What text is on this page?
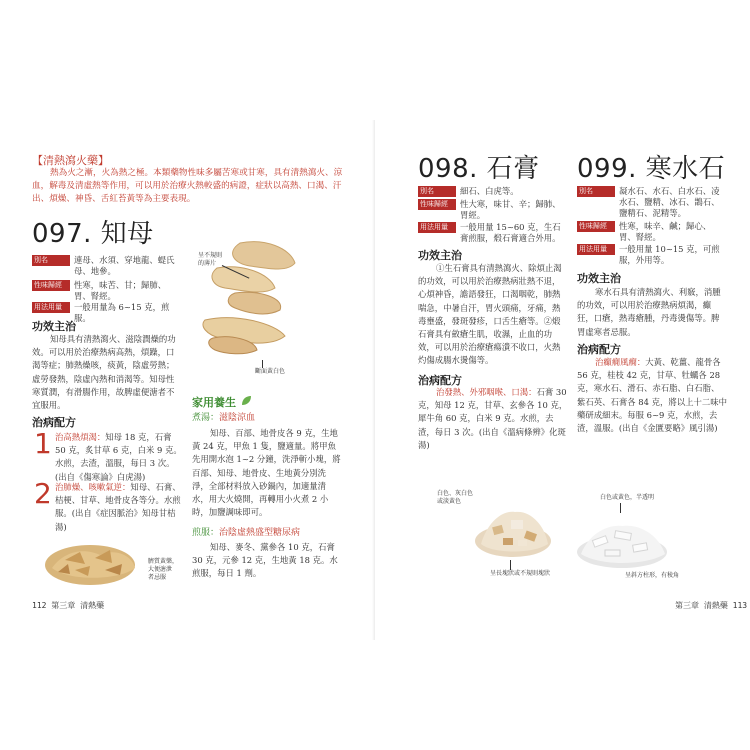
【清熱瀉火藥】
熱為火之漸，火為熱之極。本類藥物性味多屬苦寒或甘寒，具有清熱瀉火、涼血，解毒及清虛熱等作用，可以用於治療火熱較盛的病證，症狀以高熱、口渴、汗出、煩燥、神昏、舌紅苔黃等為主要表現。
097. 知母
別名	連母、水須、穿地龍、蝭氏母、地參。
性味歸經	性寒，味苦、甘；歸肺、胃、腎經。
用法用量	一般用量為 6~15 克，煎服。
功效主治
知母具有清熱瀉火、滋陰潤燥的功效。可以用於治療熱病高熱，煩躁，口渴等症；肺熱燥咳，痰黃，陰虛勞熱；虛勞發熱，陰虛內熱和消渴等。知母性寒質潤，有滑腸作用，故脾虛便溏者不宜服用。
治病配方
1 治高熱煩渴：知母 18 克，石膏 50 克，炙甘草 6 克，白米 9 克。水煎，去渣，溫服，每日 3 次。(出自《傷寒論》白虎湯)
2 治肺燥、咳嗽氣逆：知母、石膏、桔梗、甘草、地骨皮各等分。水煎服。(出自《症因脈治》知母甘桔湯)
呈不規則
的薄片
斷面黃白色
家用養生
煮湯：滋陰涼血
知母、百部、地骨皮各 9 克，生地黃 24 克，甲魚 1 隻，鹽適量。將甲魚先用開水泡 1~2 分鐘，洗淨斬小塊，將百部、知母、地骨皮、生地黃分別洗淨，全部材料放入砂鍋內，加適量清水，用大火燒開，再轉用小火煮 2 小時，加鹽調味即可。
煎服：治陰虛熱盛型糖尿病
知母、麥冬、黨參各 10 克，石膏 30 克，元參 12 克，生地黃 18 克。水煎服，每日 1 劑。
臍質黃樂，
大便溏泄
者忌服
112 第三章 清熱藥
098. 石膏
別名	細石、白虎等。
性味歸經	性大寒，味甘、辛；歸肺、胃經。
用法用量	一般用量 15~60 克，生石膏煎服，煅石膏適合外用。
功效主治
①生石膏具有清熱瀉火、除煩止渴的功效，可以用於治療熱病壯熱不退，心煩神昏，譫語發狂，口渴咽乾，肺熱喘急，中暑自汗，胃火頭痛，牙痛，熱毒壅盛，發斑發疹，口舌生瘡等。②煅石膏具有斂瘡生肌，收濕，止血的功效，可以用於治療瘡瘍潰不收口，火熱灼傷成腸水燙傷等。
治病配方
治發熱、外邪咽喉、口渴：石膏 30 克，知母 12 克，甘草、玄參各 10 克，犀牛角 60 克，白米 9 克。水煎，去渣，每日 3 次。(出自《溫病條辨》化斑湯)
白色、灰白色
或淡黃色
呈長塊狀或不規則塊狀
099. 寒水石
別名	凝水石、水石、白水石、凌水石、鹽精、冰石、鵲石、鹽精石、泥精等。
性味歸經	性寒，味辛、鹹；歸心、胃、腎經。
用法用量	一般用量 10~15 克，可煎服，外用等。
功效主治
寒水石具有清熱瀉火、利竅，消腫的功效，可以用於治療熱病煩渴，癲狂，口瘡，熱毒瘡腫，丹毒燙傷等。脾胃虛寒者忌服。
治病配方
治癲癇風癇：大黃、乾薑、龍骨各 56 克，桂枝 42 克，甘草、牡蠣各 28 克，寒水石、滑石、赤石脂、白石脂、紫石英、石膏各 84 克，將以上十二味中藥研成細末。每服 6~9 克，水煎，去渣，溫服。(出自《金匱要略》風引湯)
白色或黃色，半透明
呈斜方柱形，有稜角
第三章 清熱藥 113
